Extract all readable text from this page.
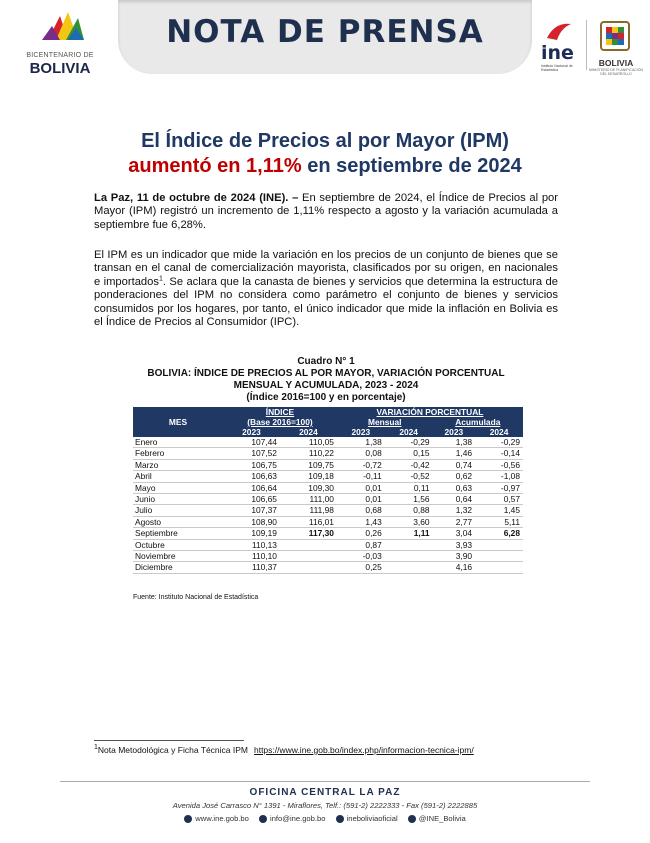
NOTA DE PRENSA
BICENTENARIO DE
BOLIVIA
ine
Instituto Nacional de Estadística
BOLIVIA
MINISTERIO DE PLANIFICACIÓN DEL DESARROLLO
El Índice de Precios al por Mayor (IPM)
aumentó en 1,11% en septiembre de 2024
La Paz, 11 de octubre de 2024 (INE). – En septiembre de 2024, el Índice de Precios al por Mayor (IPM) registró un incremento de 1,11% respecto a agosto y la variación acumulada a septiembre fue 6,28%.
El IPM es un indicador que mide la variación en los precios de un conjunto de bienes que se transan en el canal de comercialización mayorista, clasificados por su origen, en nacionales e importados$^1$. Se aclara que la canasta de bienes y servicios que determina la estructura de ponderaciones del IPM no considera como parámetro el conjunto de bienes y servicios consumidos por los hogares, por tanto, el único indicador que mide la inflación en Bolivia es el Índice de Precios al Consumidor (IPC).
Cuadro N° 1
BOLIVIA: ÍNDICE DE PRECIOS AL POR MAYOR, VARIACIÓN PORCENTUAL
MENSUAL Y ACUMULADA, 2023 - 2024
(Índice 2016=100 y en porcentaje)
MES	ÍNDICE		VARIACIÓN PORCENTUAL			
	(Base 2016=100)		Mensual		Acumulada	
	2023	2024	2023	2024	2023	2024
Enero	107,44	110,05	1,38	-0,29	1,38	-0,29
Febrero	107,52	110,22	0,08	0,15	1,46	-0,14
Marzo	106,75	109,75	-0,72	-0,42	0,74	-0,56
Abril	106,63	109,18	-0,11	-0,52	0,62	-1,08
Mayo	106,64	109,30	0,01	0,11	0,63	-0,97
Junio	106,65	111,00	0,01	1,56	0,64	0,57
Julio	107,37	111,98	0,68	0,88	1,32	1,45
Agosto	108,90	116,01	1,43	3,60	2,77	5,11
Septiembre	109,19	117,30	0,26	1,11	3,04	6,28
Octubre	110,13		0,87		3,93	
Noviembre	110,10		-0,03		3,90	
Diciembre	110,37		0,25		4,16	
Fuente: Instituto Nacional de Estadística
$^1$Nota Metodológica y Ficha Técnica IPM https://www.ine.gob.bo/index.php/informacion-tecnica-ipm/
OFICINA CENTRAL LA PAZ
Avenida José Carrasco N° 1391 - Miraflores, Telf.: (591-2) 2222333 - Fax (591-2) 2222885
www.ine.gob.bo
	info@ine.gob.bo
	ineboliviaoficial
	@INE_Bolivia
